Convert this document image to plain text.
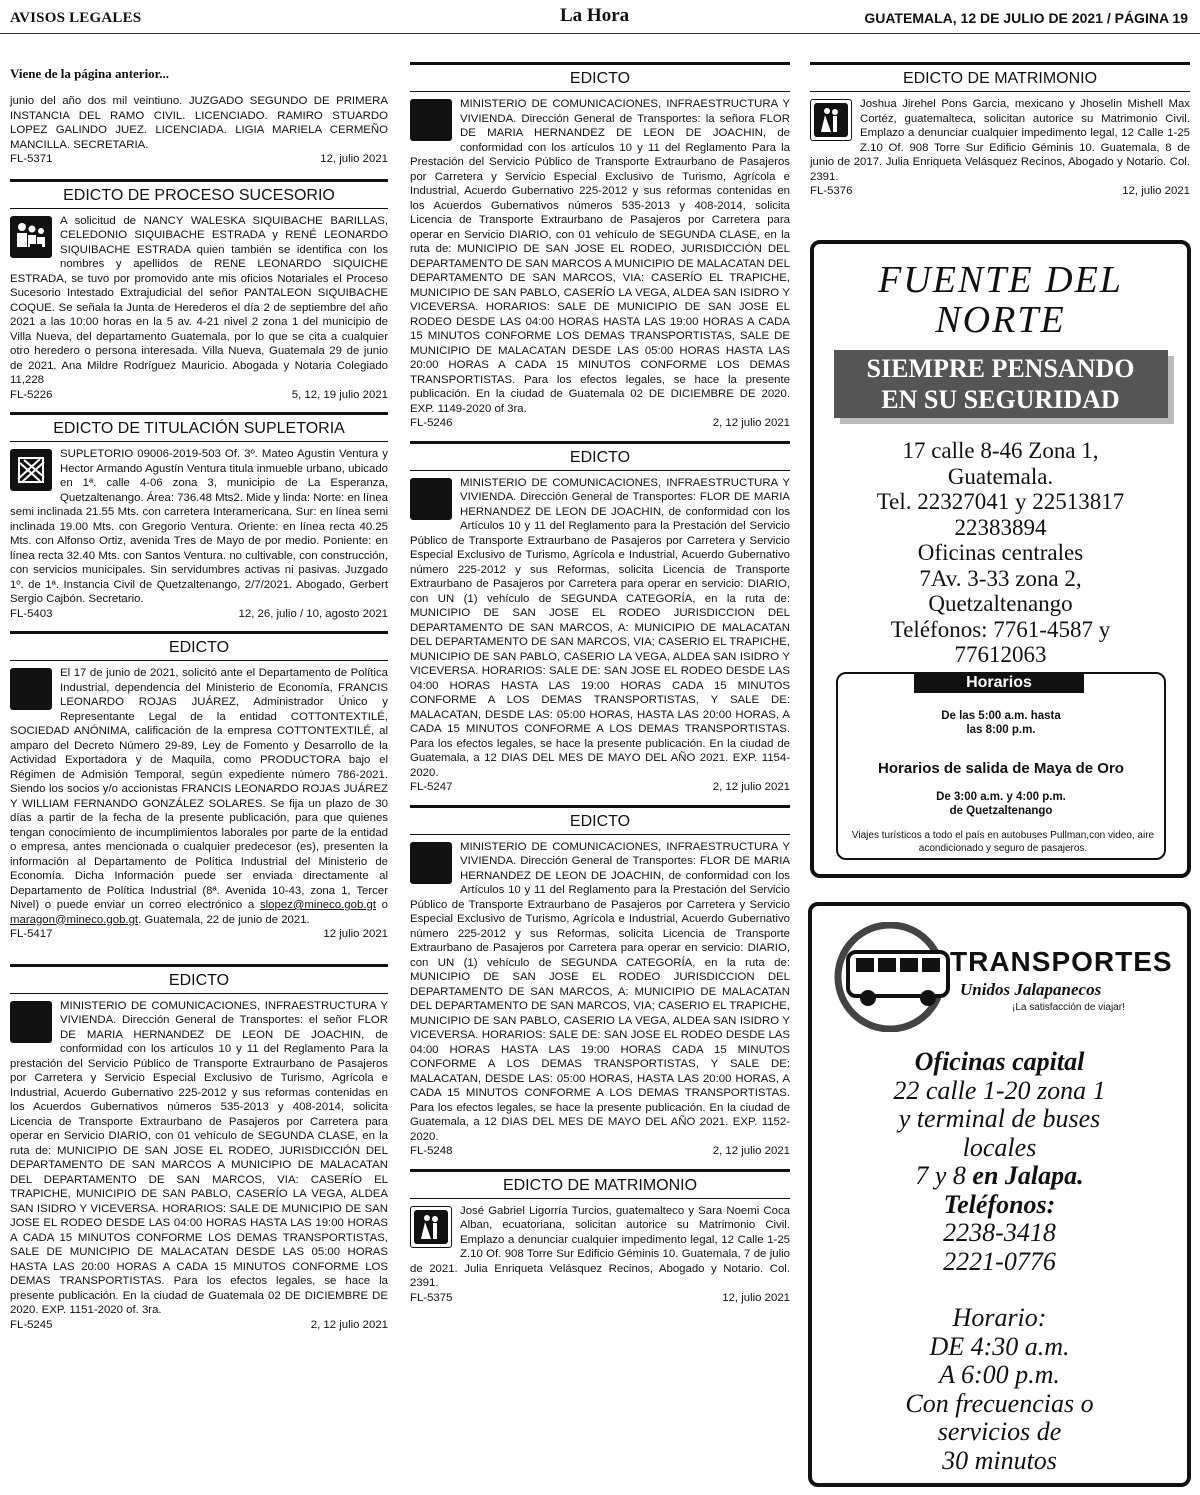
AVISOS LEGALES	La Hora	GUATEMALA, 12 DE JULIO DE 2021 / PÁGINA 19
Viene de la página anterior...
junio del año dos mil veintiuno. JUZGADO SEGUNDO DE PRIMERA INSTANCIA DEL RAMO CIVIL. LICENCIADO. RAMIRO STUARDO LOPEZ GALINDO JUEZ. LICENCIADA. LIGIA MARIELA CERMEÑO MANCILLA. SECRETARIA.
FL-5371	12, julio 2021
EDICTO DE PROCESO SUCESORIO
A solicitud de NANCY WALESKA SIQUIBACHE BARILLAS, CELEDONIO SIQUIBACHE ESTRADA y RENÉ LEONARDO SIQUIBACHE ESTRADA quien también se identifica con los nombres y apellidos de RENE LEONARDO SIQUICHE ESTRADA, se tuvo por promovido ante mis oficios Notariales el Proceso Sucesorio Intestado Extrajudicial del señor PANTALEON SIQUIBACHE COQUE. Se señala la Junta de Herederos el día 2 de septiembre del año 2021 a las 10:00 horas en la 5 av. 4-21 nivel 2 zona 1 del municipio de Villa Nueva, del departamento Guatemala, por lo que se cita a cualquier otro heredero o persona interesada. Villa Nueva, Guatemala 29 de junio de 2021. Ana Mildre Rodríguez Mauricio. Abogada y Notaria Colegiado 11,228
FL-5226	5, 12, 19 julio 2021
EDICTO DE TITULACIÓN SUPLETORIA
SUPLETORIO 09006-2019-503 Of. 3º. Mateo Agustin Ventura y Hector Armando Agustín Ventura titula inmueble urbano, ubicado en 1ª. calle 4-06 zona 3, municipio de La Esperanza, Quetzaltenango. Área: 736.48 Mts2. Mide y linda: Norte: en línea semi inclinada 21.55 Mts. con carretera Interamericana. Sur: en línea semi inclinada 19.00 Mts. con Gregorio Ventura. Oriente: en línea recta 40.25 Mts. con Alfonso Ortiz, avenida Tres de Mayo de por medio. Poniente: en línea recta 32.40 Mts. con Santos Ventura. no cultivable, con construcción, con servicios municipales. Sin servidumbres activas ni pasivas. Juzgado 1º. de 1ª. Instancia Civil de Quetzaltenango, 2/7/2021. Abogado, Gerbert Sergio Cajbón. Secretario.
FL-5403	12, 26, julio / 10, agosto 2021
EDICTO
El 17 de junio de 2021, solicitó ante el Departamento de Política Industrial, dependencia del Ministerio de Economía, FRANCIS LEONARDO ROJAS JUÁREZ, Administrador Único y Representante Legal de la entidad COTTONTEXTILÉ, SOCIEDAD ANÓNIMA, calificación de la empresa COTTONTEXTILÉ, al amparo del Decreto Número 29-89, Ley de Fomento y Desarrollo de la Actividad Exportadora y de Maquila, como PRODUCTORA bajo el Régimen de Admisión Temporal, según expediente número 786-2021. Siendo los socios y/o accionistas FRANCIS LEONARDO ROJAS JUÁREZ Y WILLIAM FERNANDO GONZÁLEZ SOLARES. Se fija un plazo de 30 días a partir de la fecha de la presente publicación, para que quienes tengan conocimiento de incumplimientos laborales por parte de la entidad o empresa, antes mencionada o cualquier predecesor (es), presenten la información al Departamento de Política Industrial del Ministerio de Economía. Dicha Información puede ser enviada directamente al Departamento de Política Industrial (8ª. Avenida 10-43, zona 1, Tercer Nivel) o puede enviar un correo electrónico a slopez@mineco.gob.gt o maragon@mineco.gob.gt. Guatemala, 22 de junio de 2021.
FL-5417	12 julio 2021
EDICTO
MINISTERIO DE COMUNICACIONES, INFRAESTRUCTURA Y VIVIENDA. Dirección General de Transportes: el señor FLOR DE MARIA HERNANDEZ DE LEON DE JOACHIN, de conformidad con los artículos 10 y 11 del Reglamento Para la prestación del Servicio Público de Transporte Extraurbano de Pasajeros por Carretera y Servicio Especial Exclusivo de Turismo, Agrícola e Industrial, Acuerdo Gubernativo 225-2012 y sus reformas contenidas en los Acuerdos Gubernativos números 535-2013 y 408-2014, solicita Licencia de Transporte Extraurbano de Pasajeros por Carretera para operar en Servicio DIARIO, con 01 vehículo de SEGUNDA CLASE, en la ruta de: MUNICIPIO DE SAN JOSE EL RODEO, JURISDICCIÓN DEL DEPARTAMENTO DE SAN MARCOS A MUNICIPIO DE MALACATAN DEL DEPARTAMENTO DE SAN MARCOS, VIA: CASERÍO EL TRAPICHE, MUNICIPIO DE SAN PABLO, CASERÍO LA VEGA, ALDEA SAN ISIDRO Y VICEVERSA. HORARIOS: SALE DE MUNICIPIO DE SAN JOSE EL RODEO DESDE LAS 04:00 HORAS HASTA LAS 19:00 HORAS A CADA 15 MINUTOS CONFORME LOS DEMAS TRANSPORTISTAS, SALE DE MUNICIPIO DE MALACATAN DESDE LAS 05:00 HORAS HASTA LAS 20:00 HORAS A CADA 15 MINUTOS CONFORME LOS DEMAS TRANSPORTISTAS. Para los efectos legales, se hace la presente publicación. En la ciudad de Guatemala 02 DE DICIEMBRE DE 2020. EXP. 1151-2020 of. 3ra.
FL-5245	2, 12 julio 2021
EDICTO
MINISTERIO DE COMUNICACIONES, INFRAESTRUCTURA Y VIVIENDA. Dirección General de Transportes: la señora FLOR DE MARIA HERNANDEZ DE LEON DE JOACHIN, de conformidad con los artículos 10 y 11 del Reglamento Para la Prestación del Servicio Público de Transporte Extraurbano de Pasajeros por Carretera y Servicio Especial Exclusivo de Turismo, Agrícola e Industrial, Acuerdo Gubernativo 225-2012 y sus reformas contenidas en los Acuerdos Gubernativos números 535-2013 y 408-2014, solicita Licencia de Transporte Extraurbano de Pasajeros por Carretera para operar en Servicio DIARIO, con 01 vehículo de SEGUNDA CLASE, en la ruta de: MUNICIPIO DE SAN JOSE EL RODEO, JURISDICCIÓN DEL DEPARTAMENTO DE SAN MARCOS A MUNICIPIO DE MALACATAN DEL DEPARTAMENTO DE SAN MARCOS, VIA: CASERÍO EL TRAPICHE, MUNICIPIO DE SAN PABLO, CASERÍO LA VEGA, ALDEA SAN ISIDRO Y VICEVERSA. HORARIOS: SALE DE MUNICIPIO DE SAN JOSE EL RODEO DESDE LAS 04:00 HORAS HASTA LAS 19:00 HORAS A CADA 15 MINUTOS CONFORME LOS DEMAS TRANSPORTISTAS, SALE DE MUNICIPIO DE MALACATAN DESDE LAS 05:00 HORAS HASTA LAS 20:00 HORAS A CADA 15 MINUTOS CONFORME LOS DEMAS TRANSPORTISTAS. Para los efectos legales, se hace la presente publicación. En la ciudad de Guatemala 02 DE DICIEMBRE DE 2020. EXP. 1149-2020 of 3ra.
FL-5246	2, 12 julio 2021
EDICTO
MINISTERIO DE COMUNICACIONES, INFRAESTRUCTURA Y VIVIENDA. Dirección General de Transportes: FLOR DE MARIA HERNANDEZ DE LEON DE JOACHIN, de conformidad con los Artículos 10 y 11 del Reglamento para la Prestación del Servicio Público de Transporte Extraurbano de Pasajeros por Carretera y Servicio Especial Exclusivo de Turismo, Agrícola e Industrial, Acuerdo Gubernativo número 225-2012 y sus Reformas, solicita Licencia de Transporte Extraurbano de Pasajeros por Carretera para operar en servicio: DIARIO, con UN (1) vehículo de SEGUNDA CATEGORÍA, en la ruta de: MUNICIPIO DE SAN JOSE EL RODEO JURISDICCION DEL DEPARTAMENTO DE SAN MARCOS, A: MUNICIPIO DE MALACATAN DEL DEPARTAMENTO DE SAN MARCOS, VIA; CASERIO EL TRAPICHE, MUNICIPIO DE SAN PABLO, CASERIO LA VEGA, ALDEA SAN ISIDRO Y VICEVERSA. HORARIOS: SALE DE: SAN JOSE EL RODEO DESDE LAS 04:00 HORAS HASTA LAS 19:00 HORAS CADA 15 MINUTOS CONFORME A LOS DEMAS TRANSPORTISTAS, Y SALE DE: MALACATAN, DESDE LAS: 05:00 HORAS, HASTA LAS 20:00 HORAS, A CADA 15 MINUTOS CONFORME A LOS DEMAS TRANSPORTISTAS. Para los efectos legales, se hace la presente publicación. En la ciudad de Guatemala, a 12 DIAS DEL MES DE MAYO DEL AÑO 2021. EXP. 1154-2020.
FL-5247	2, 12 julio 2021
EDICTO
MINISTERIO DE COMUNICACIONES, INFRAESTRUCTURA Y VIVIENDA. Dirección General de Transportes: FLOR DE MARIA HERNANDEZ DE LEON DE JOACHIN, de conformidad con los Artículos 10 y 11 del Reglamento para la Prestación del Servicio Público de Transporte Extraurbano de Pasajeros por Carretera y Servicio Especial Exclusivo de Turismo, Agrícola e Industrial, Acuerdo Gubernativo número 225-2012 y sus Reformas, solicita Licencia de Transporte Extraurbano de Pasajeros por Carretera para operar en servicio: DIARIO, con UN (1) vehículo de SEGUNDA CATEGORÍA, en la ruta de: MUNICIPIO DE SAN JOSE EL RODEO JURISDICCION DEL DEPARTAMENTO DE SAN MARCOS, A: MUNICIPIO DE MALACATAN DEL DEPARTAMENTO DE SAN MARCOS, VIA; CASERIO EL TRAPICHE, MUNICIPIO DE SAN PABLO, CASERIO LA VEGA, ALDEA SAN ISIDRO Y VICEVERSA. HORARIOS: SALE DE: SAN JOSE EL RODEO DESDE LAS 04:00 HORAS HASTA LAS 19:00 HORAS CADA 15 MINUTOS CONFORME A LOS DEMAS TRANSPORTISTAS, Y SALE DE: MALACATAN, DESDE LAS: 05:00 HORAS, HASTA LAS 20:00 HORAS, A CADA 15 MINUTOS CONFORME A LOS DEMAS TRANSPORTISTAS. Para los efectos legales, se hace la presente publicación. En la ciudad de Guatemala, a 12 DIAS DEL MES DE MAYO DEL AÑO 2021. EXP. 1152-2020.
FL-5248	2, 12 julio 2021
EDICTO DE MATRIMONIO
José Gabriel Ligorría Turcios, guatemalteco y Sara Noemi Coca Alban, ecuatoriana, solicitan autorice su Matrimonio Civil. Emplazo a denunciar cualquier impedimento legal, 12 Calle 1-25 Z.10 Of. 908 Torre Sur Edificio Géminis 10. Guatemala, 7 de julio de 2021. Julia Enriqueta Velásquez Recinos, Abogado y Notario. Col. 2391.
FL-5375	12, julio 2021
EDICTO DE MATRIMONIO
Joshua Jirehel Pons Garcia, mexicano y Jhoselin Mishell Max Cortéz, guatemalteca, solicitan autorice su Matrimonio Civil. Emplazo a denunciar cualquier impedimento legal, 12 Calle 1-25 Z.10 Of. 908 Torre Sur Edificio Géminis 10. Guatemala, 8 de junio de 2017. Julia Enriqueta Velásquez Recinos, Abogado y Notario. Col. 2391.
FL-5376	12, julio 2021
FUENTE DEL
NORTE
SIEMPRE PENSANDO
EN SU SEGURIDAD
17 calle 8-46 Zona 1,
Guatemala.
Tel. 22327041 y 22513817
22383894
Oficinas centrales
7Av. 3-33 zona 2,
Quetzaltenango
Teléfonos: 7761-4587 y
77612063
Horarios
De las 5:00 a.m. hasta
las 8:00 p.m.
Horarios de salida de Maya de Oro
De 3:00 a.m. y 4:00 p.m.
de Quetzaltenango
Viajes turísticos a todo el país en autobuses Pullman,con video, aire acondicionado y seguro de pasajeros.
TRANSPORTES
Unidos Jalapanecos
¡La satisfacción de viajar!
Oficinas capital
22 calle 1-20 zona 1
y terminal de buses
locales
7 y 8 en Jalapa.
Teléfonos:
2238-3418
2221-0776
Horario:
DE 4:30 a.m.
A 6:00 p.m.
Con frecuencias o
servicios de
30 minutos
